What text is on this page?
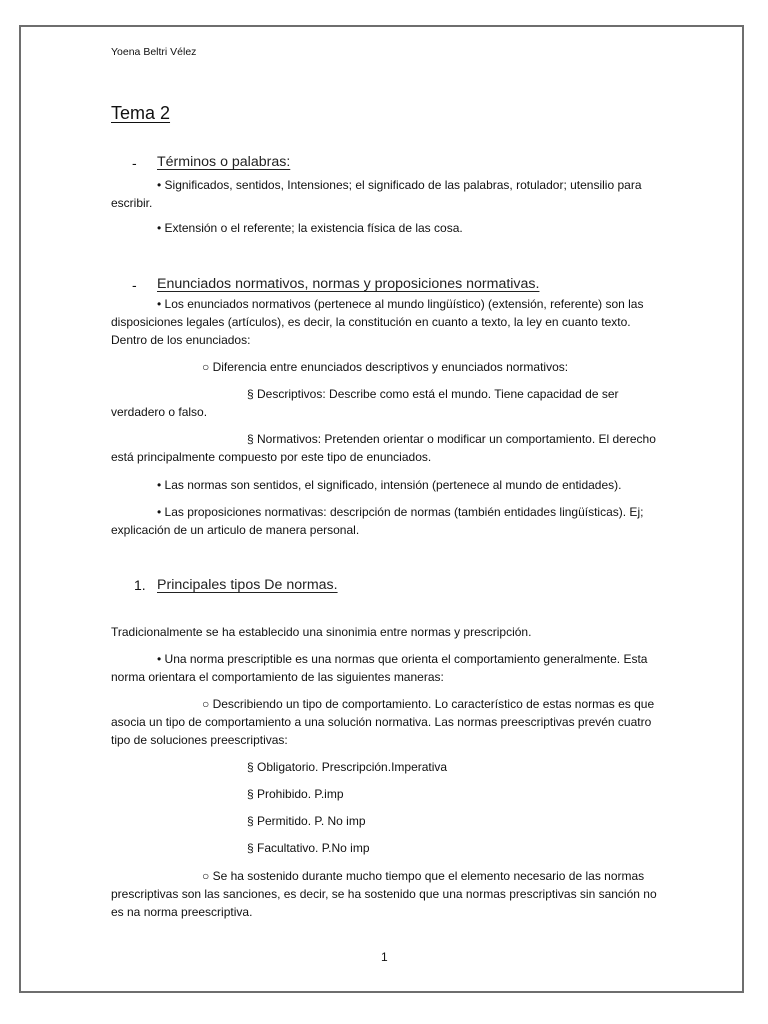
Yoena Beltri Vélez
Tema 2
- Términos o palabras:

• Significados, sentidos, Intensiones; el significado de las palabras, rotulador; utensilio para escribir.

• Extensión o el referente; la existencia física de las cosa.

- Enunciados normativos, normas y proposiciones normativas.

• Los enunciados normativos (pertenece al mundo lingüístico) (extensión, referente) son las disposiciones legales (artículos), es decir, la constitución en cuanto a texto, la ley en cuanto texto. Dentro de los enunciados:

○ Diferencia entre enunciados descriptivos y enunciados normativos:

§ Descriptivos: Describe como está el mundo. Tiene capacidad de ser verdadero o falso.

§ Normativos: Pretenden orientar o modificar un comportamiento. El derecho está principalmente compuesto por este tipo de enunciados.

• Las normas son sentidos, el significado, intensión (pertenece al mundo de entidades).

• Las proposiciones normativas: descripción de normas (también entidades lingüísticas). Ej; explicación de un articulo de manera personal.

1. Principales tipos De normas.

Tradicionalmente se ha establecido una sinonimia entre normas y prescripción.

• Una norma prescriptible es una normas que orienta el comportamiento generalmente. Esta norma orientara el comportamiento de las siguientes maneras:

○ Describiendo un tipo de comportamiento. Lo característico de estas normas es que asocia un tipo de comportamiento a una solución normativa. Las normas preescriptivas prevén cuatro tipo de soluciones preescriptivas:

§ Obligatorio. Prescripción.Imperativa

§ Prohibido. P.imp

§ Permitido. P. No imp

§ Facultativo. P.No imp

○ Se ha sostenido durante mucho tiempo que el elemento necesario de las normas prescriptivas son las sanciones, es decir, se ha sostenido que una normas prescriptivas sin sanción no es na norma preescriptiva.

1
